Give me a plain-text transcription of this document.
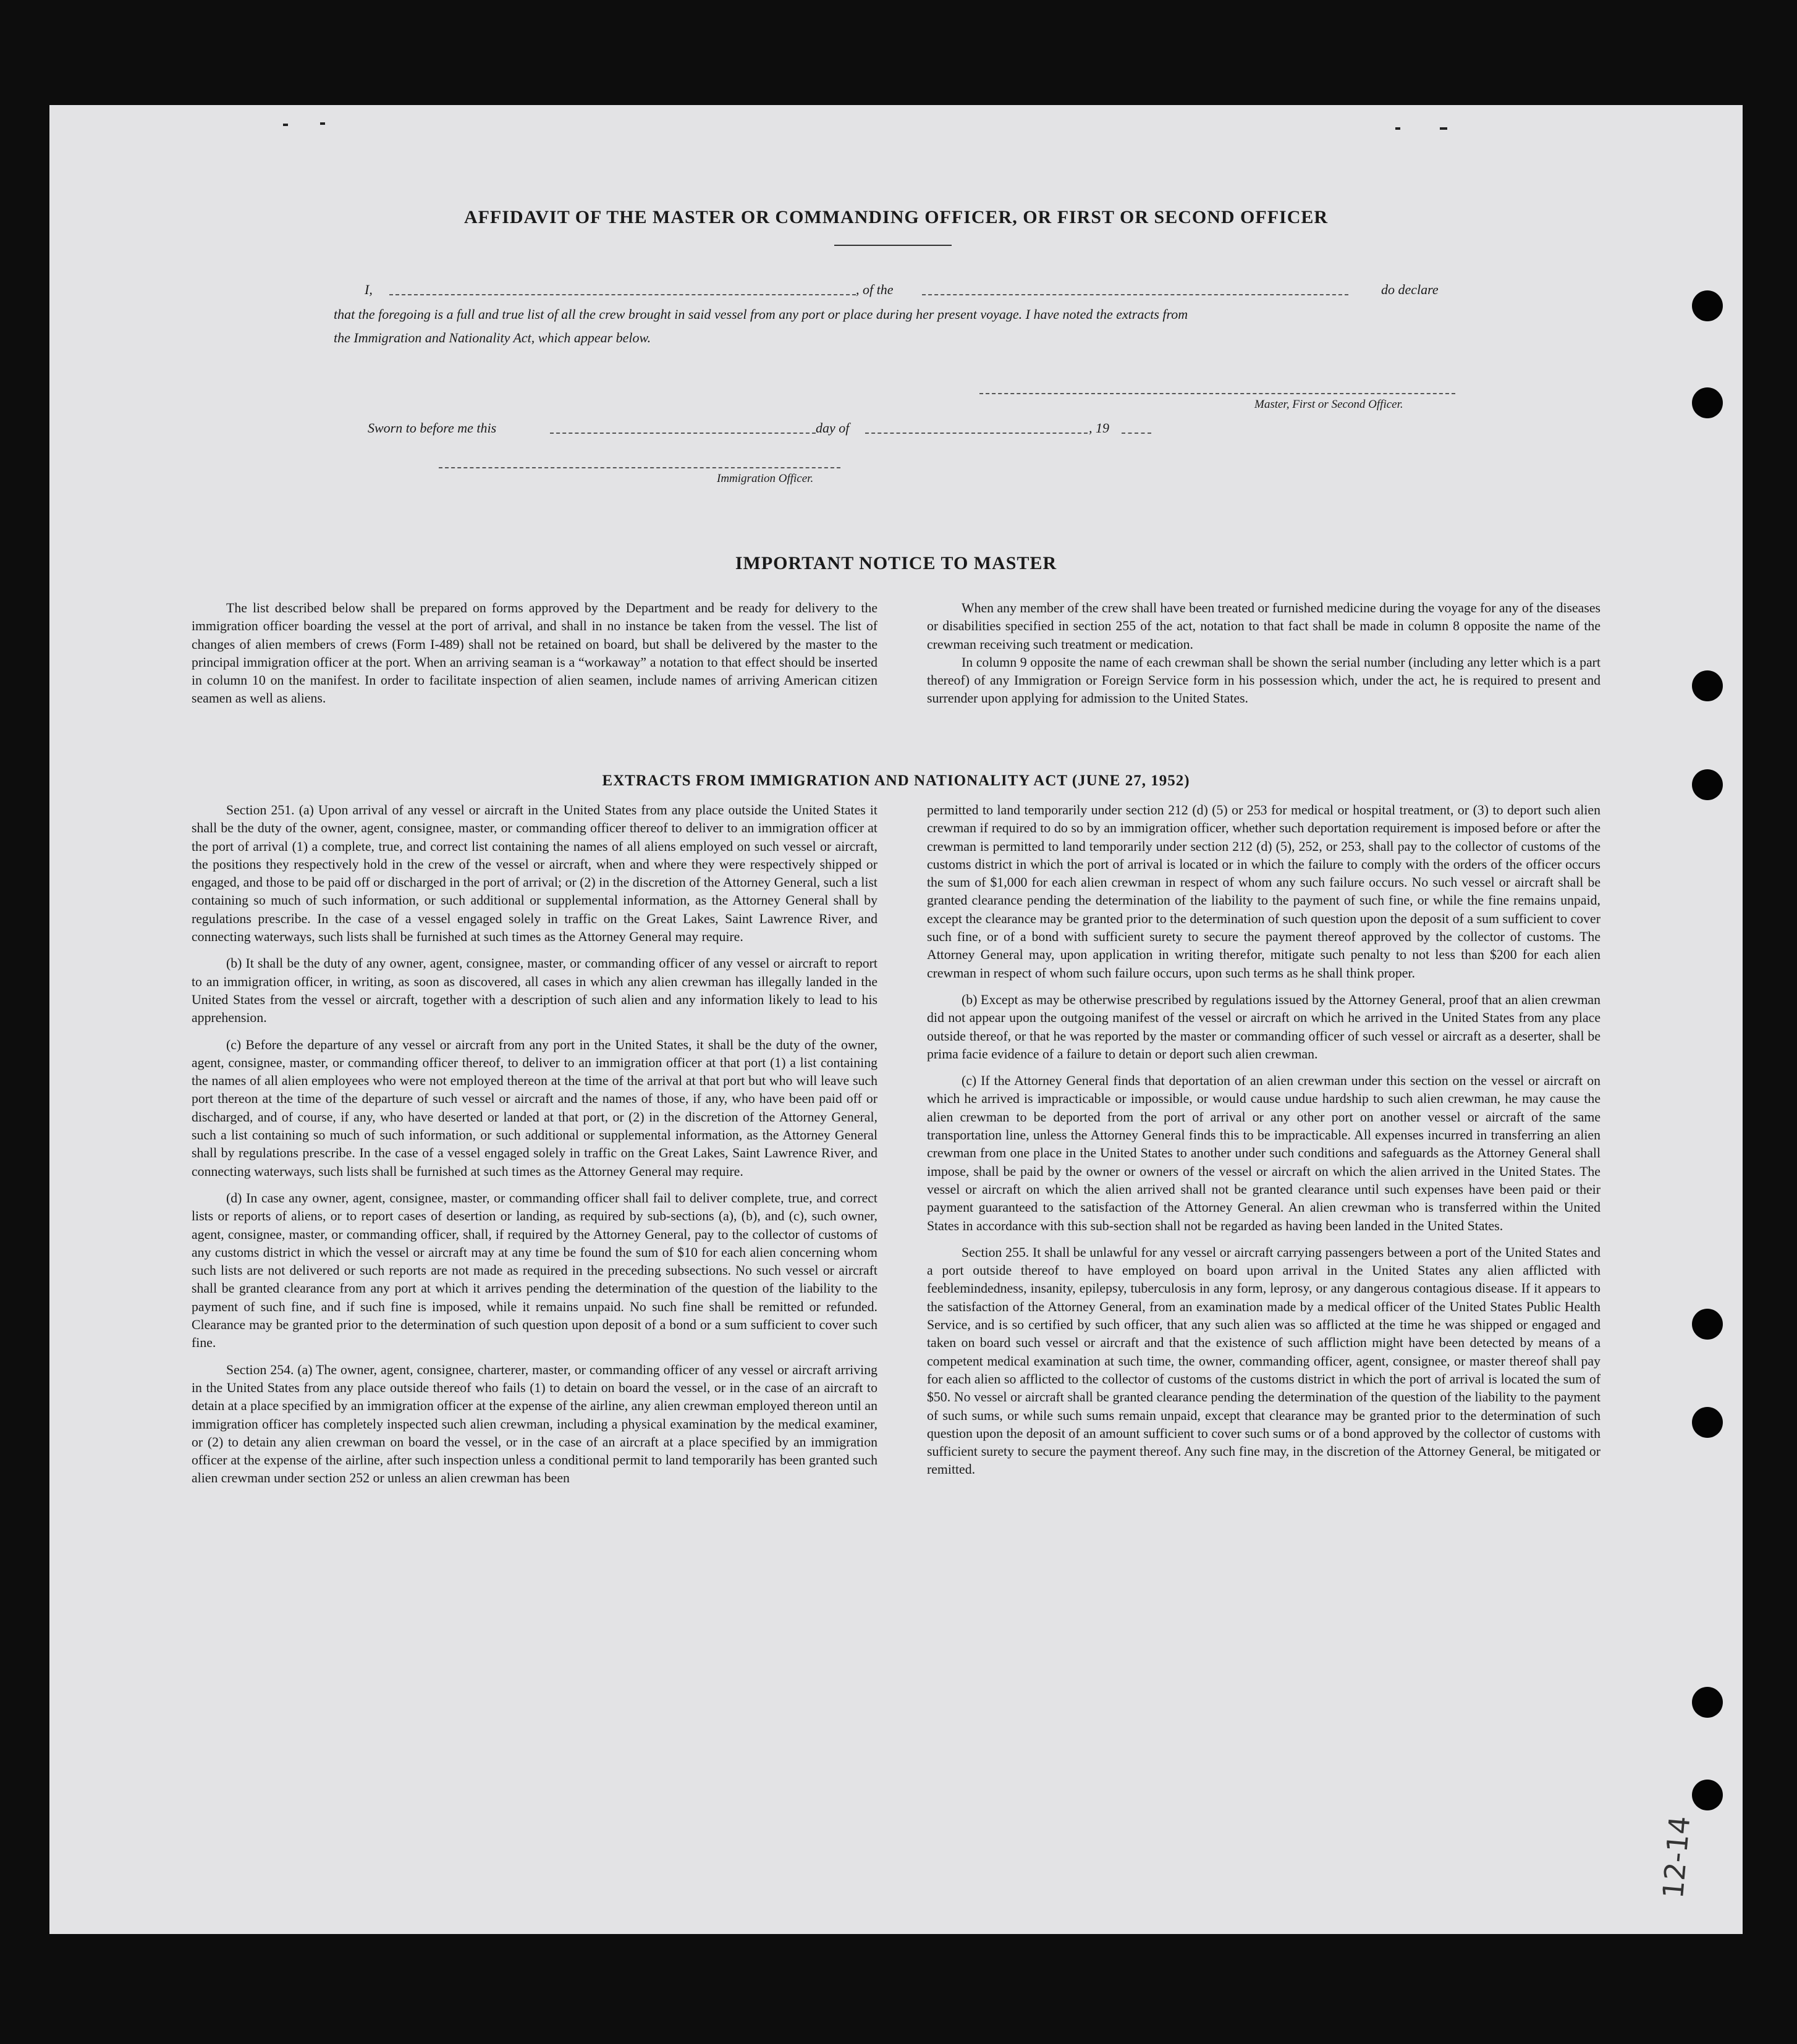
AFFIDAVIT OF THE MASTER OR COMMANDING OFFICER, OR FIRST OR SECOND OFFICER
I,	, of the	do declare
that the foregoing is a full and true list of all the crew brought in said vessel from any port or place during her present voyage. I have noted the extracts from
the Immigration and Nationality Act, which appear below.
Master, First or Second Officer.
Sworn to before me this	day of	, 19
Immigration Officer.
IMPORTANT NOTICE TO MASTER

The list described below shall be prepared on forms approved by the Department and be ready for delivery to the immigration officer boarding the vessel at the port of arrival, and shall in no instance be taken from the vessel. The list of changes of alien members of crews (Form I-489) shall not be retained on board, but shall be delivered by the master to the principal immigration officer at the port. When an arriving seaman is a “workaway” a notation to that effect should be inserted in column 10 on the manifest. In order to facilitate inspection of alien seamen, include names of arriving American citizen seamen as well as aliens.

When any member of the crew shall have been treated or furnished medicine during the voyage for any of the diseases or disabilities specified in section 255 of the act, notation to that fact shall be made in column 8 opposite the name of the crewman receiving such treatment or medication.

In column 9 opposite the name of each crewman shall be shown the serial number (including any letter which is a part thereof) of any Immigration or Foreign Service form in his possession which, under the act, he is required to present and surrender upon applying for admission to the United States.

EXTRACTS FROM IMMIGRATION AND NATIONALITY ACT (JUNE 27, 1952)

Section 251. (a) Upon arrival of any vessel or aircraft in the United States from any place outside the United States it shall be the duty of the owner, agent, consignee, master, or commanding officer thereof to deliver to an immigration officer at the port of arrival (1) a complete, true, and correct list containing the names of all aliens employed on such vessel or aircraft, the positions they respectively hold in the crew of the vessel or aircraft, when and where they were respectively shipped or engaged, and those to be paid off or discharged in the port of arrival; or (2) in the discretion of the Attorney General, such a list containing so much of such information, or such additional or supplemental information, as the Attorney General shall by regulations prescribe. In the case of a vessel engaged solely in traffic on the Great Lakes, Saint Lawrence River, and connecting waterways, such lists shall be furnished at such times as the Attorney General may require.

(b) It shall be the duty of any owner, agent, consignee, master, or commanding officer of any vessel or aircraft to report to an immigration officer, in writing, as soon as discovered, all cases in which any alien crewman has illegally landed in the United States from the vessel or aircraft, together with a description of such alien and any information likely to lead to his apprehension.

(c) Before the departure of any vessel or aircraft from any port in the United States, it shall be the duty of the owner, agent, consignee, master, or commanding officer thereof, to deliver to an immigration officer at that port (1) a list containing the names of all alien employees who were not employed thereon at the time of the arrival at that port but who will leave such port thereon at the time of the departure of such vessel or aircraft and the names of those, if any, who have been paid off or discharged, and of course, if any, who have deserted or landed at that port, or (2) in the discretion of the Attorney General, such a list containing so much of such information, or such additional or supplemental information, as the Attorney General shall by regulations prescribe. In the case of a vessel engaged solely in traffic on the Great Lakes, Saint Lawrence River, and connecting waterways, such lists shall be furnished at such times as the Attorney General may require.

(d) In case any owner, agent, consignee, master, or commanding officer shall fail to deliver complete, true, and correct lists or reports of aliens, or to report cases of desertion or landing, as required by sub-sections (a), (b), and (c), such owner, agent, consignee, master, or commanding officer, shall, if required by the Attorney General, pay to the collector of customs of any customs district in which the vessel or aircraft may at any time be found the sum of $10 for each alien concerning whom such lists are not delivered or such reports are not made as required in the preceding subsections. No such vessel or aircraft shall be granted clearance from any port at which it arrives pending the determination of the question of the liability to the payment of such fine, and if such fine is imposed, while it remains unpaid. No such fine shall be remitted or refunded. Clearance may be granted prior to the determination of such question upon deposit of a bond or a sum sufficient to cover such fine.

Section 254. (a) The owner, agent, consignee, charterer, master, or commanding officer of any vessel or aircraft arriving in the United States from any place outside thereof who fails (1) to detain on board the vessel, or in the case of an aircraft to detain at a place specified by an immigration officer at the expense of the airline, any alien crewman employed thereon until an immigration officer has completely inspected such alien crewman, including a physical examination by the medical examiner, or (2) to detain any alien crewman on board the vessel, or in the case of an aircraft at a place specified by an immigration officer at the expense of the airline, after such inspection unless a conditional permit to land temporarily has been granted such alien crewman under section 252 or unless an alien crewman has been

permitted to land temporarily under section 212 (d) (5) or 253 for medical or hospital treatment, or (3) to deport such alien crewman if required to do so by an immigration officer, whether such deportation requirement is imposed before or after the crewman is permitted to land temporarily under section 212 (d) (5), 252, or 253, shall pay to the collector of customs of the customs district in which the port of arrival is located or in which the failure to comply with the orders of the officer occurs the sum of $1,000 for each alien crewman in respect of whom any such failure occurs. No such vessel or aircraft shall be granted clearance pending the determination of the liability to the payment of such fine, or while the fine remains unpaid, except the clearance may be granted prior to the determination of such question upon the deposit of a sum sufficient to cover such fine, or of a bond with sufficient surety to secure the payment thereof approved by the collector of customs. The Attorney General may, upon application in writing therefor, mitigate such penalty to not less than $200 for each alien crewman in respect of whom such failure occurs, upon such terms as he shall think proper.

(b) Except as may be otherwise prescribed by regulations issued by the Attorney General, proof that an alien crewman did not appear upon the outgoing manifest of the vessel or aircraft on which he arrived in the United States from any place outside thereof, or that he was reported by the master or commanding officer of such vessel or aircraft as a deserter, shall be prima facie evidence of a failure to detain or deport such alien crewman.

(c) If the Attorney General finds that deportation of an alien crewman under this section on the vessel or aircraft on which he arrived is impracticable or impossible, or would cause undue hardship to such alien crewman, he may cause the alien crewman to be deported from the port of arrival or any other port on another vessel or aircraft of the same transportation line, unless the Attorney General finds this to be impracticable. All expenses incurred in transferring an alien crewman from one place in the United States to another under such conditions and safeguards as the Attorney General shall impose, shall be paid by the owner or owners of the vessel or aircraft on which the alien arrived in the United States. The vessel or aircraft on which the alien arrived shall not be granted clearance until such expenses have been paid or their payment guaranteed to the satisfaction of the Attorney General. An alien crewman who is transferred within the United States in accordance with this sub-section shall not be regarded as having been landed in the United States.

Section 255. It shall be unlawful for any vessel or aircraft carrying passengers between a port of the United States and a port outside thereof to have employed on board upon arrival in the United States any alien afflicted with feeblemindedness, insanity, epilepsy, tuberculosis in any form, leprosy, or any dangerous contagious disease. If it appears to the satisfaction of the Attorney General, from an examination made by a medical officer of the United States Public Health Service, and is so certified by such officer, that any such alien was so afflicted at the time he was shipped or engaged and taken on board such vessel or aircraft and that the existence of such affliction might have been detected by means of a competent medical examination at such time, the owner, commanding officer, agent, consignee, or master thereof shall pay for each alien so afflicted to the collector of customs of the customs district in which the port of arrival is located the sum of $50. No vessel or aircraft shall be granted clearance pending the determination of the question of the liability to the payment of such sums, or while such sums remain unpaid, except that clearance may be granted prior to the determination of such question upon the deposit of an amount sufficient to cover such sums or of a bond approved by the collector of customs with sufficient surety to secure the payment thereof. Any such fine may, in the discretion of the Attorney General, be mitigated or remitted.

12-14
